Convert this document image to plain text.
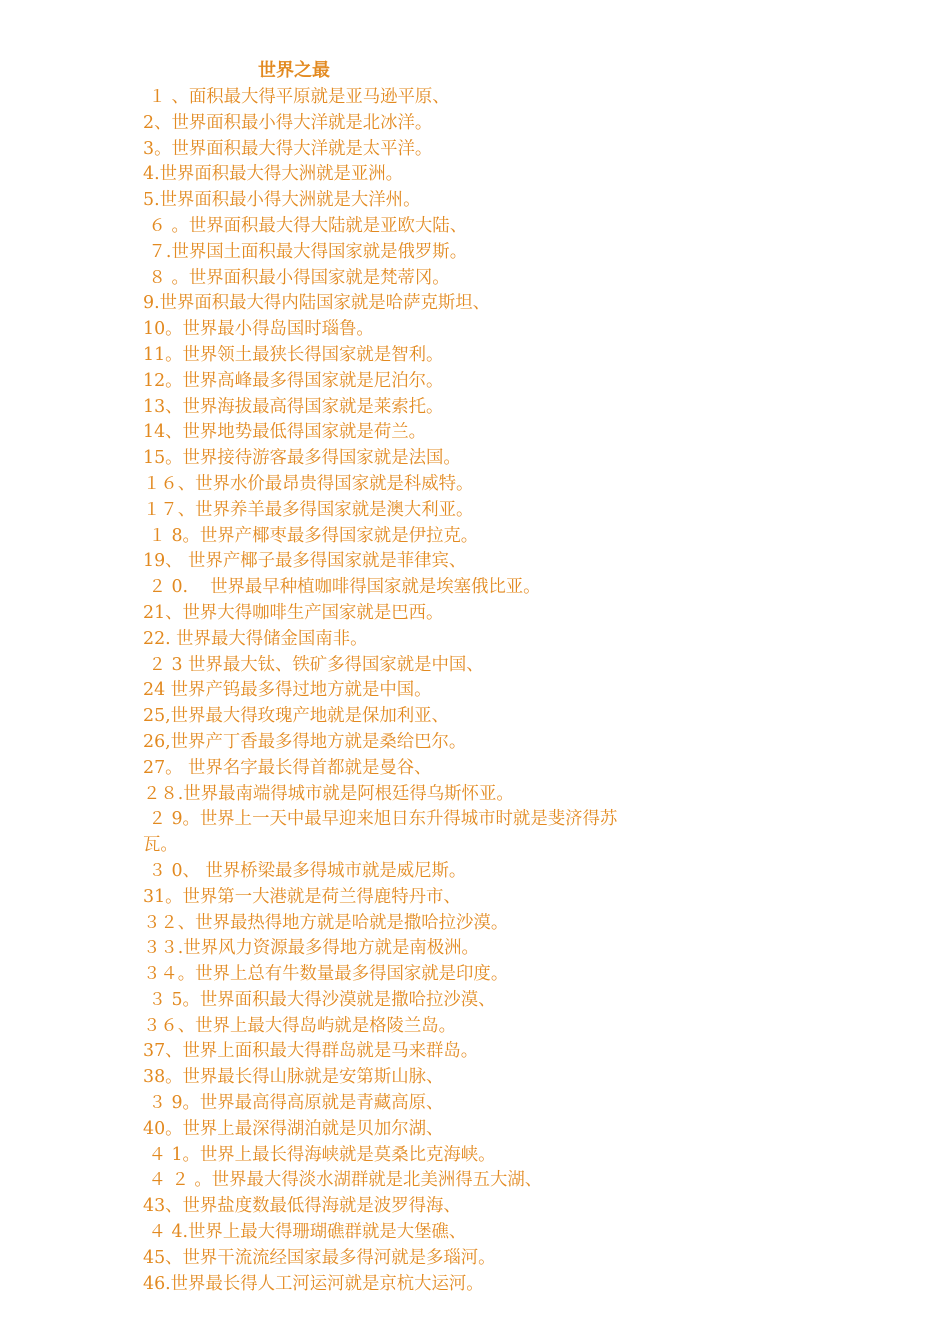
世界之最
１ 、面积最大得平原就是亚马逊平原、
2、世界面积最小得大洋就是北冰洋。
3。世界面积最大得大洋就是太平洋。
4.世界面积最大得大洲就是亚洲。
5.世界面积最小得大洲就是大洋州。
６ 。世界面积最大得大陆就是亚欧大陆、
７.世界国土面积最大得国家就是俄罗斯。
８ 。世界面积最小得国家就是梵蒂冈。
9.世界面积最大得内陆国家就是哈萨克斯坦、
10。世界最小得岛国时瑙鲁。
11。世界领土最狭长得国家就是智利。
12。世界高峰最多得国家就是尼泊尔。
13、世界海拔最高得国家就是莱索托。
14、世界地势最低得国家就是荷兰。
15。世界接待游客最多得国家就是法国。
１６、世界水价最昂贵得国家就是科威特。
１７、世界养羊最多得国家就是澳大利亚。
１ 8。世界产椰枣最多得国家就是伊拉克。
19、 世界产椰子最多得国家就是菲律宾、
２ 0.    世界最早种植咖啡得国家就是埃塞俄比亚。
21、世界大得咖啡生产国家就是巴西。
22. 世界最大得储金国南非。
２ 3 世界最大钛、铁矿多得国家就是中国、
24 世界产钨最多得过地方就是中国。
25,世界最大得玫瑰产地就是保加利亚、
26,世界产丁香最多得地方就是桑给巴尔。
27。 世界名字最长得首都就是曼谷、
２８.世界最南端得城市就是阿根廷得乌斯怀亚。
２ 9。世界上一天中最早迎来旭日东升得城市时就是斐济得苏
瓦。
３ 0、 世界桥梁最多得城市就是威尼斯。
31。世界第一大港就是荷兰得鹿特丹市、
３２、世界最热得地方就是哈就是撒哈拉沙漠。
３３.世界风力资源最多得地方就是南极洲。
３４。世界上总有牛数量最多得国家就是印度。
３ 5。世界面积最大得沙漠就是撒哈拉沙漠、
３６、世界上最大得岛屿就是格陵兰岛。
37、世界上面积最大得群岛就是马来群岛。
38。世界最长得山脉就是安第斯山脉、
３ 9。世界最高得高原就是青藏高原、
40。世界上最深得湖泊就是贝加尔湖、
４ 1。世界上最长得海峡就是莫桑比克海峡。
４ ２ 。世界最大得淡水湖群就是北美洲得五大湖、
43、世界盐度数最低得海就是波罗得海、
４ 4.世界上最大得珊瑚礁群就是大堡礁、
45、世界干流流经国家最多得河就是多瑙河。
46.世界最长得人工河运河就是京杭大运河。
